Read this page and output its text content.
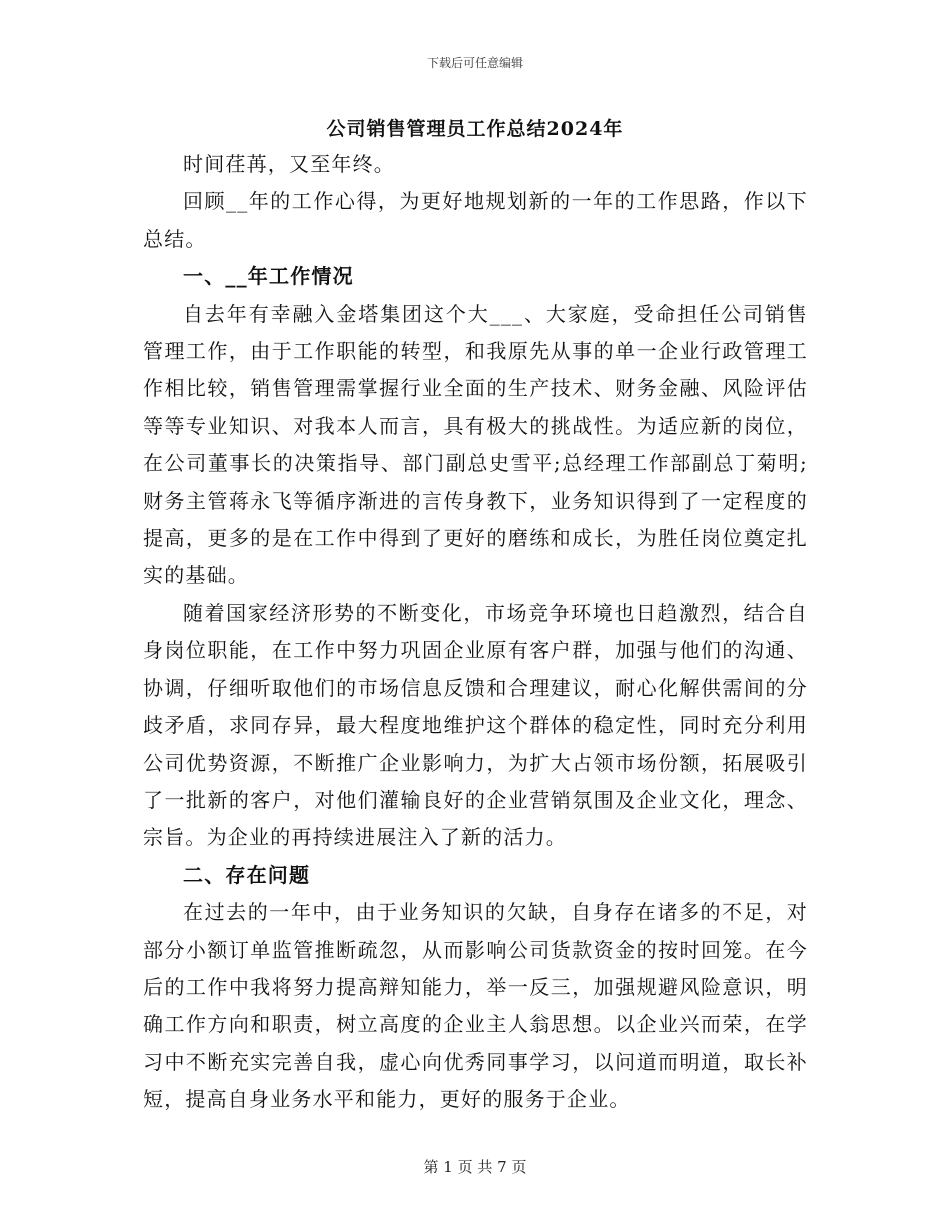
下载后可任意编辑
公司销售管理员工作总结2024年

时间荏苒，又至年终。

回顾__年的工作心得，为更好地规划新的一年的工作思路，作以下总结。

一、__年工作情况

自去年有幸融入金塔集团这个大___、大家庭，受命担任公司销售管理工作，由于工作职能的转型，和我原先从事的单一企业行政管理工作相比较，销售管理需掌握行业全面的生产技术、财务金融、风险评估等等专业知识、对我本人而言，具有极大的挑战性。为适应新的岗位，在公司董事长的决策指导、部门副总史雪平;总经理工作部副总丁菊明;财务主管蒋永飞等循序渐进的言传身教下，业务知识得到了一定程度的提高，更多的是在工作中得到了更好的磨练和成长，为胜任岗位奠定扎实的基础。

随着国家经济形势的不断变化，市场竞争环境也日趋激烈，结合自身岗位职能，在工作中努力巩固企业原有客户群，加强与他们的沟通、协调，仔细听取他们的市场信息反馈和合理建议，耐心化解供需间的分歧矛盾，求同存异，最大程度地维护这个群体的稳定性，同时充分利用公司优势资源，不断推广企业影响力，为扩大占领市场份额，拓展吸引了一批新的客户，对他们灌输良好的企业营销氛围及企业文化，理念、宗旨。为企业的再持续进展注入了新的活力。

二、存在问题

在过去的一年中，由于业务知识的欠缺，自身存在诸多的不足，对部分小额订单监管推断疏忽，从而影响公司货款资金的按时回笼。在今后的工作中我将努力提高辩知能力，举一反三，加强规避风险意识，明确工作方向和职责，树立高度的企业主人翁思想。以企业兴而荣，在学习中不断充实完善自我，虚心向优秀同事学习，以问道而明道，取长补短，提高自身业务水平和能力，更好的服务于企业。

第 1 页 共 7 页
